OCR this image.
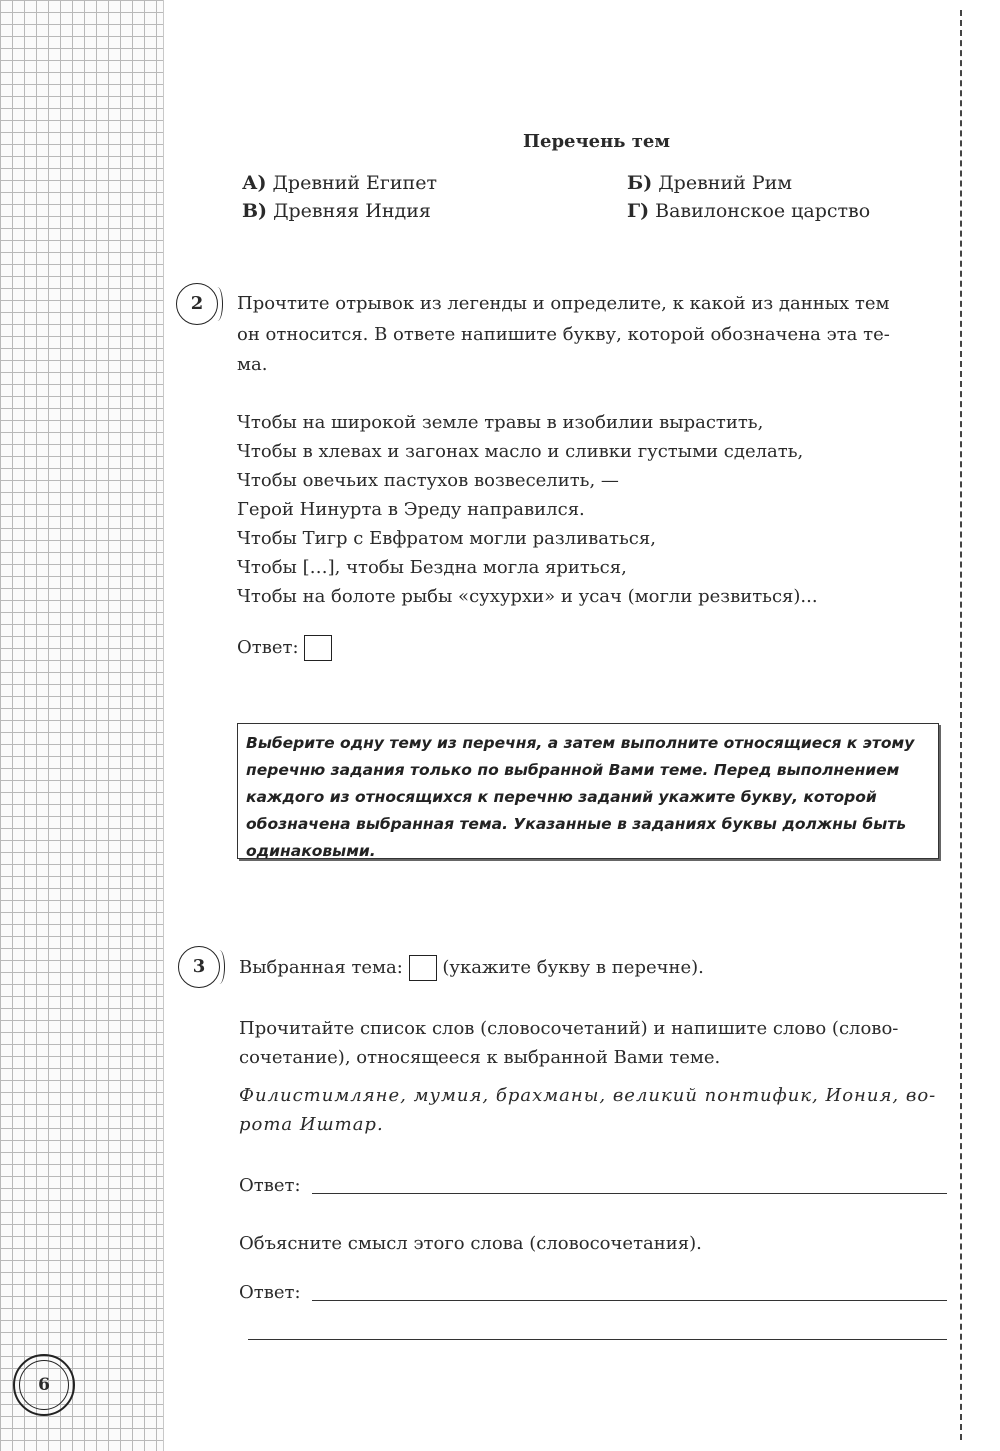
Перечень тем
А) Древний Египет	Б) Древний Рим
В) Древняя Индия	Г) Вавилонское царство
2	Прочтите отрывок из легенды и определите, к какой из данных тем
он относится. В ответе напишите букву, которой обозначена эта те-
ма.
Чтобы на широкой земле травы в изобилии вырастить,
Чтобы в хлевах и загонах масло и сливки густыми сделать,
Чтобы овечьих пастухов возвеселить, —
Герой Нинурта в Эреду направился.
Чтобы Тигр с Евфратом могли разливаться,
Чтобы […], чтобы Бездна могла яриться,
Чтобы на болоте рыбы «сухурхи» и усач (могли резвиться)...
Ответ:
Выберите одну тему из перечня, а затем выполните относящиеся к этому
перечню задания только по выбранной Вами теме. Перед выполнением
каждого из относящихся к перечню заданий укажите букву, которой
обозначена выбранная тема. Указанные в заданиях буквы должны быть
одинаковыми.
3	Выбранная тема: (укажите букву в перечне).
Прочитайте список слов (словосочетаний) и напишите слово (слово-
сочетание), относящееся к выбранной Вами теме.
Филистимляне, мумия, брахманы, великий понтифик, Иония, во-
рота Иштар.
Ответ:
Объясните смысл этого слова (словосочетания).
Ответ:
6
